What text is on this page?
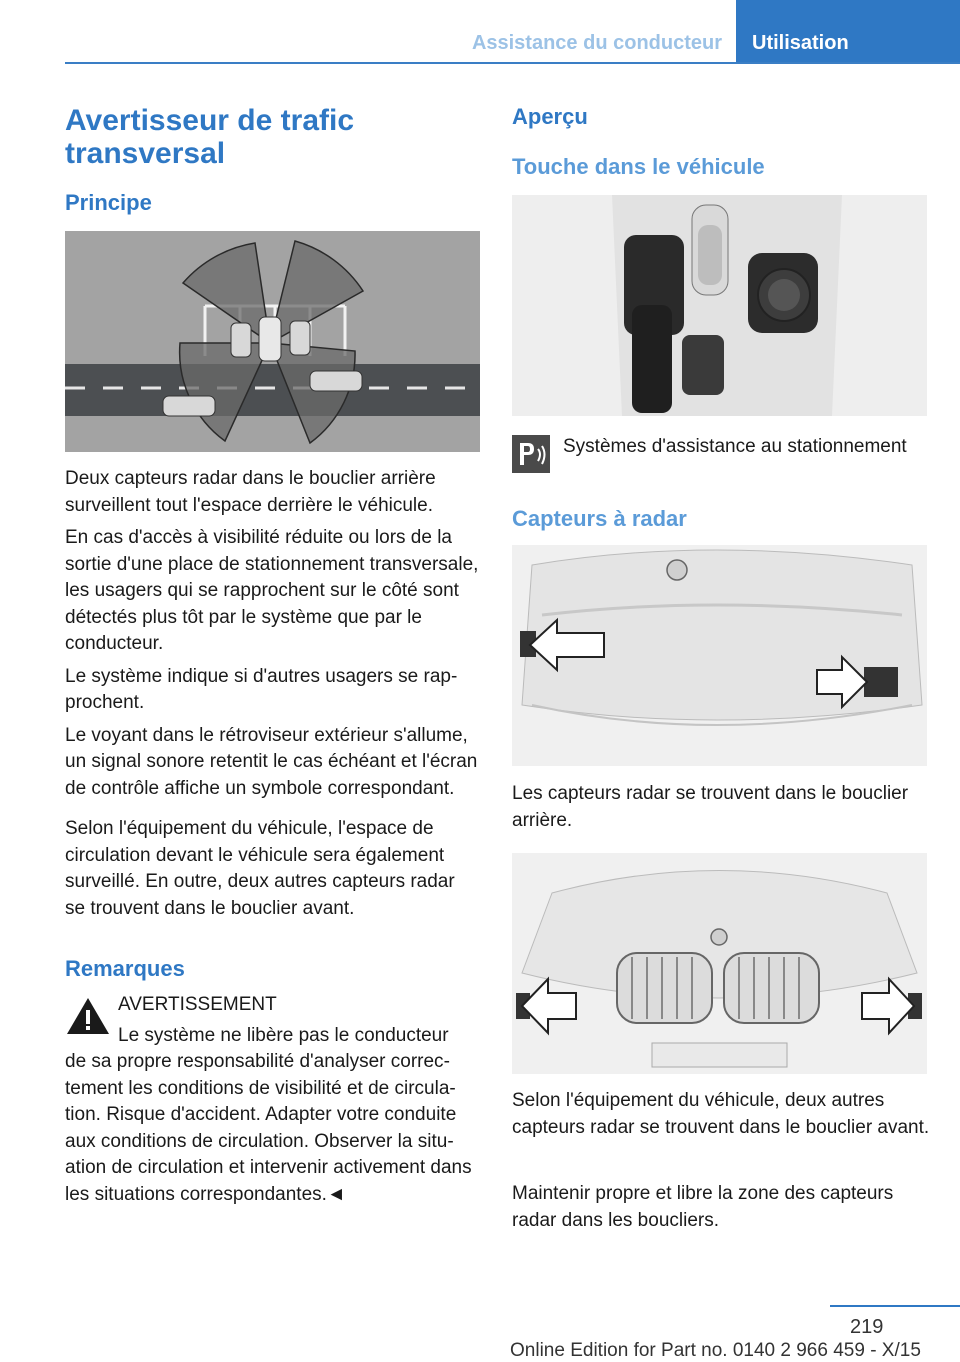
Assistance du conducteur	Utilisation
Avertisseur de trafic transversal
Principe

Deux capteurs radar dans le bouclier arrière surveillent tout l'espace derrière le véhicule.

En cas d'accès à visibilité réduite ou lors de la sortie d'une place de stationnement transversale, les usagers qui se rapprochent sur le côté sont détectés plus tôt par le système que par le conducteur.

Le système indique si d'autres usagers se rapprochent.

Le voyant dans le rétroviseur extérieur s'allume, un signal sonore retentit le cas échéant et l'écran de contrôle affiche un symbole correspondant.

Selon l'équipement du véhicule, l'espace de circulation devant le véhicule sera également surveillé. En outre, deux autres capteurs radar se trouvent dans le bouclier avant.

Remarques

AVERTISSEMENT

Le système ne libère pas le conducteur

de sa propre responsabilité d'analyser correctement les conditions de visibilité et de circulation. Risque d'accident. Adapter votre conduite aux conditions de circulation. Observer la situation de circulation et intervenir activement dans les situations correspondantes.◄

Aperçu
Touche dans le véhicule

Systèmes d'assistance au stationnement

Capteurs à radar

Les capteurs radar se trouvent dans le bouclier arrière.

Selon l'équipement du véhicule, deux autres capteurs radar se trouvent dans le bouclier avant.

Maintenir propre et libre la zone des capteurs radar dans les boucliers.

219
Online Edition for Part no. 0140 2 966 459 - X/15
